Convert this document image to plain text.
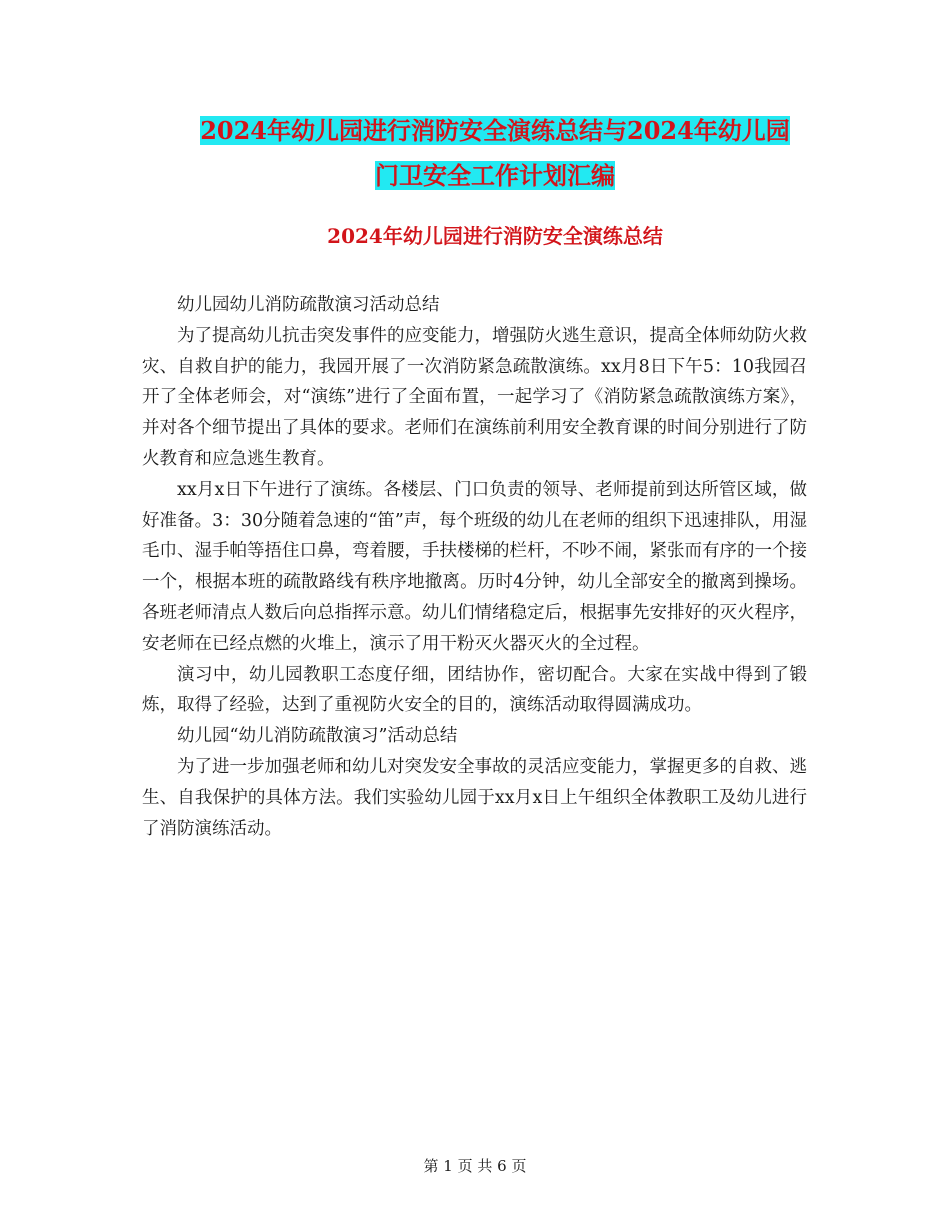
2024年幼儿园进行消防安全演练总结与2024年幼儿园
门卫安全工作计划汇编
2024年幼儿园进行消防安全演练总结

幼儿园幼儿消防疏散演习活动总结

为了提高幼儿抗击突发事件的应变能力，增强防火逃生意识，提高全体师幼防火救灾、自救自护的能力，我园开展了一次消防紧急疏散演练。xx月8日下午5：10我园召开了全体老师会，对“演练”进行了全面布置，一起学习了《消防紧急疏散演练方案》，并对各个细节提出了具体的要求。老师们在演练前利用安全教育课的时间分别进行了防火教育和应急逃生教育。

xx月x日下午进行了演练。各楼层、门口负责的领导、老师提前到达所管区域，做好准备。3：30分随着急速的“笛”声，每个班级的幼儿在老师的组织下迅速排队，用湿毛巾、湿手帕等捂住口鼻，弯着腰，手扶楼梯的栏杆，不吵不闹，紧张而有序的一个接一个，根据本班的疏散路线有秩序地撤离。历时4分钟，幼儿全部安全的撤离到操场。各班老师清点人数后向总指挥示意。幼儿们情绪稳定后，根据事先安排好的灭火程序，安老师在已经点燃的火堆上，演示了用干粉灭火器灭火的全过程。

演习中，幼儿园教职工态度仔细，团结协作，密切配合。大家在实战中得到了锻炼，取得了经验，达到了重视防火安全的目的，演练活动取得圆满成功。

幼儿园“幼儿消防疏散演习”活动总结

为了进一步加强老师和幼儿对突发安全事故的灵活应变能力，掌握更多的自救、逃生、自我保护的具体方法。我们实验幼儿园于xx月x日上午组织全体教职工及幼儿进行了消防演练活动。

第 1 页 共 6 页
